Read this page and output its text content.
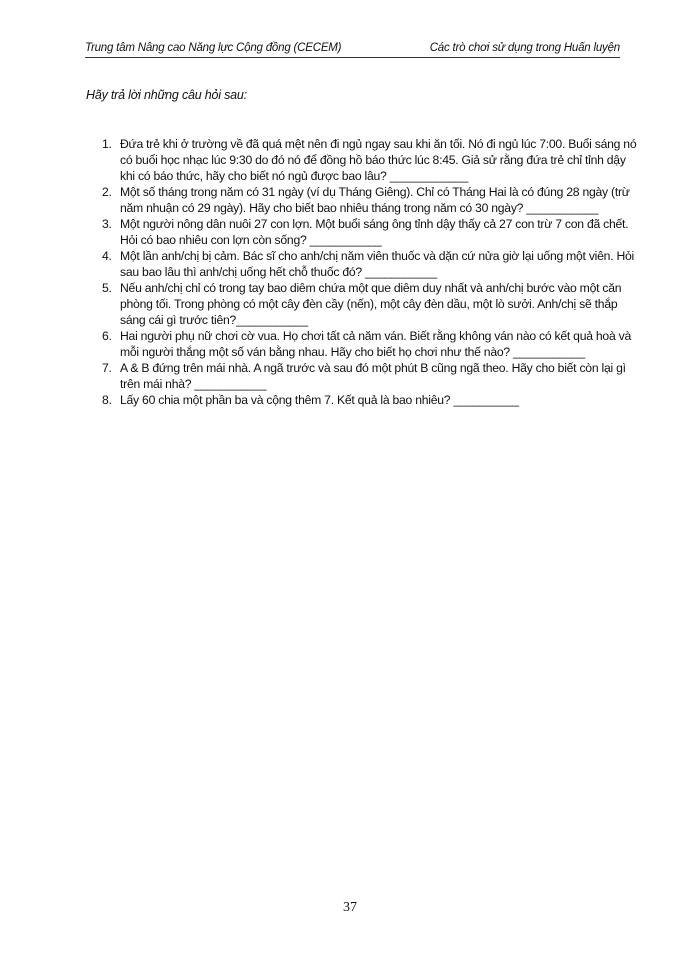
Trung tâm Nâng cao Năng lực Cộng đồng (CECEM)	Các trò chơi sử dụng trong Huấn luyện
Hãy trả lời những câu hỏi sau:
1. Đứa trẻ khi ở trường về đã quá mệt nên đi ngủ ngay sau khi ăn tối. Nó đi ngủ lúc 7:00. Buổi sáng nó
có buổi học nhạc lúc 9:30 do đó nó để đồng hồ báo thức lúc 8:45. Giả sử rằng đứa trẻ chỉ tỉnh dậy
khi có báo thức, hãy cho biết nó ngủ được bao lâu? ____________
2. Một số tháng trong năm có 31 ngày (ví dụ Tháng Giêng). Chỉ có Tháng Hai là có đúng 28 ngày (trừ
năm nhuận có 29 ngày). Hãy cho biết bao nhiêu tháng trong năm có 30 ngày? ___________
3. Một người nông dân nuôi 27 con lợn. Một buổi sáng ông tỉnh dậy thấy cả 27 con trừ 7 con đã chết.
Hỏi có bao nhiêu con lợn còn sống? ___________
4. Một lần anh/chị bị cảm. Bác sĩ cho anh/chị năm viên thuốc và dặn cứ nửa giờ lại uống một viên. Hỏi
sau bao lâu thì anh/chị uống hết chỗ thuốc đó? ___________
5. Nếu anh/chị chỉ có trong tay bao diêm chứa một que diêm duy nhất và anh/chị bước vào một căn
phòng tối. Trong phòng có một cây đèn cầy (nến), một cây đèn dầu, một lò sưởi. Anh/chị sẽ thắp
sáng cái gì trước tiên?___________
6. Hai người phụ nữ chơi cờ vua. Họ chơi tất cả năm ván. Biết rằng không ván nào có kết quả hoà và
mỗi người thắng một số ván bằng nhau. Hãy cho biết họ chơi như thế nào? ___________
7. A & B đứng trên mái nhà. A ngã trước và sau đó một phút B cũng ngã theo. Hãy cho biết còn lại gì
trên mái nhà? ___________
8. Lấy 60 chia một phần ba và cộng thêm 7. Kết quả là bao nhiêu? __________
37
